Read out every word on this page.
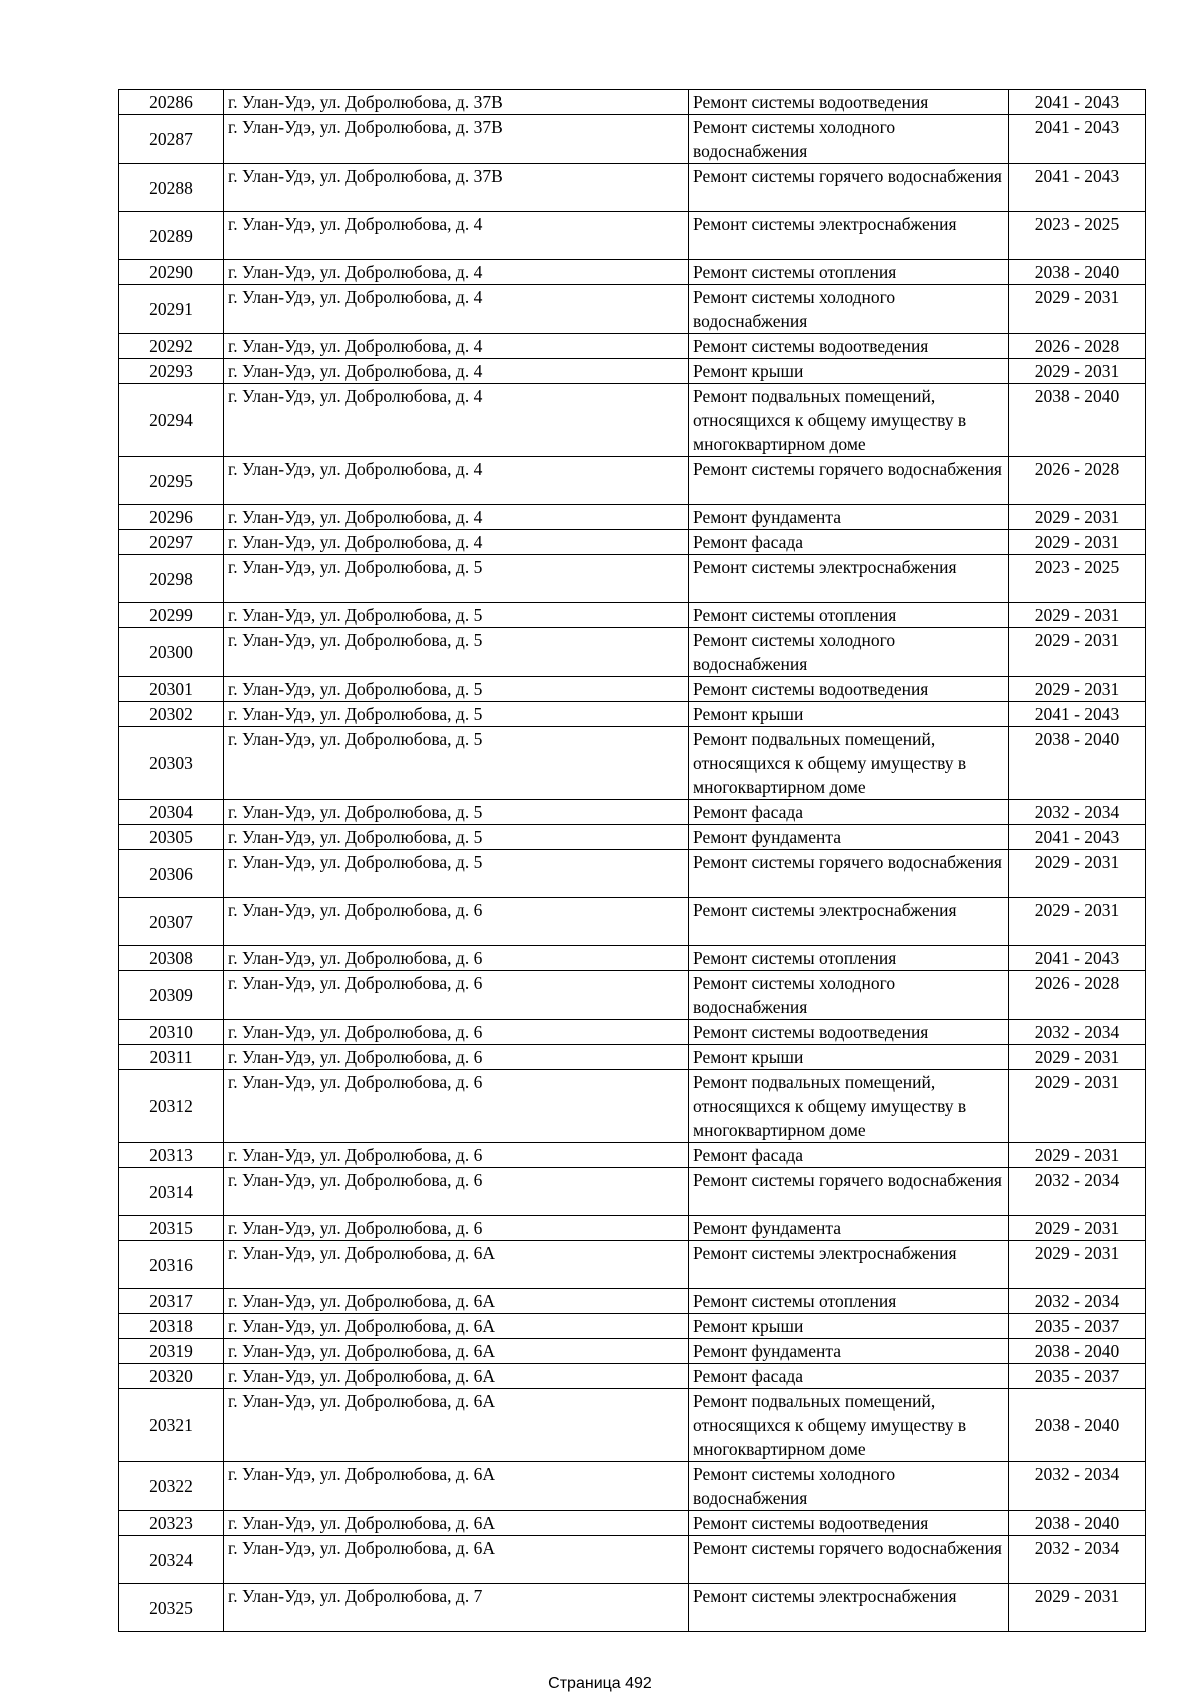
20286	г. Улан-Удэ, ул. Добролюбова, д. 37В	Ремонт системы водоотведения	2041 - 2043
20287	г. Улан-Удэ, ул. Добролюбова, д. 37В	Ремонт системы холодного водоснабжения	2041 - 2043
20288	г. Улан-Удэ, ул. Добролюбова, д. 37В	Ремонт системы горячего водоснабжения	2041 - 2043
20289	г. Улан-Удэ, ул. Добролюбова, д. 4	Ремонт системы электроснабжения	2023 - 2025
20290	г. Улан-Удэ, ул. Добролюбова, д. 4	Ремонт системы отопления	2038 - 2040
20291	г. Улан-Удэ, ул. Добролюбова, д. 4	Ремонт системы холодного водоснабжения	2029 - 2031
20292	г. Улан-Удэ, ул. Добролюбова, д. 4	Ремонт системы водоотведения	2026 - 2028
20293	г. Улан-Удэ, ул. Добролюбова, д. 4	Ремонт крыши	2029 - 2031
20294	г. Улан-Удэ, ул. Добролюбова, д. 4	Ремонт подвальных помещений, относящихся к общему имуществу в многоквартирном доме	2038 - 2040
20295	г. Улан-Удэ, ул. Добролюбова, д. 4	Ремонт системы горячего водоснабжения	2026 - 2028
20296	г. Улан-Удэ, ул. Добролюбова, д. 4	Ремонт фундамента	2029 - 2031
20297	г. Улан-Удэ, ул. Добролюбова, д. 4	Ремонт фасада	2029 - 2031
20298	г. Улан-Удэ, ул. Добролюбова, д. 5	Ремонт системы электроснабжения	2023 - 2025
20299	г. Улан-Удэ, ул. Добролюбова, д. 5	Ремонт системы отопления	2029 - 2031
20300	г. Улан-Удэ, ул. Добролюбова, д. 5	Ремонт системы холодного водоснабжения	2029 - 2031
20301	г. Улан-Удэ, ул. Добролюбова, д. 5	Ремонт системы водоотведения	2029 - 2031
20302	г. Улан-Удэ, ул. Добролюбова, д. 5	Ремонт крыши	2041 - 2043
20303	г. Улан-Удэ, ул. Добролюбова, д. 5	Ремонт подвальных помещений, относящихся к общему имуществу в многоквартирном доме	2038 - 2040
20304	г. Улан-Удэ, ул. Добролюбова, д. 5	Ремонт фасада	2032 - 2034
20305	г. Улан-Удэ, ул. Добролюбова, д. 5	Ремонт фундамента	2041 - 2043
20306	г. Улан-Удэ, ул. Добролюбова, д. 5	Ремонт системы горячего водоснабжения	2029 - 2031
20307	г. Улан-Удэ, ул. Добролюбова, д. 6	Ремонт системы электроснабжения	2029 - 2031
20308	г. Улан-Удэ, ул. Добролюбова, д. 6	Ремонт системы отопления	2041 - 2043
20309	г. Улан-Удэ, ул. Добролюбова, д. 6	Ремонт системы холодного водоснабжения	2026 - 2028
20310	г. Улан-Удэ, ул. Добролюбова, д. 6	Ремонт системы водоотведения	2032 - 2034
20311	г. Улан-Удэ, ул. Добролюбова, д. 6	Ремонт крыши	2029 - 2031
20312	г. Улан-Удэ, ул. Добролюбова, д. 6	Ремонт подвальных помещений, относящихся к общему имуществу в многоквартирном доме	2029 - 2031
20313	г. Улан-Удэ, ул. Добролюбова, д. 6	Ремонт фасада	2029 - 2031
20314	г. Улан-Удэ, ул. Добролюбова, д. 6	Ремонт системы горячего водоснабжения	2032 - 2034
20315	г. Улан-Удэ, ул. Добролюбова, д. 6	Ремонт фундамента	2029 - 2031
20316	г. Улан-Удэ, ул. Добролюбова, д. 6А	Ремонт системы электроснабжения	2029 - 2031
20317	г. Улан-Удэ, ул. Добролюбова, д. 6А	Ремонт системы отопления	2032 - 2034
20318	г. Улан-Удэ, ул. Добролюбова, д. 6А	Ремонт крыши	2035 - 2037
20319	г. Улан-Удэ, ул. Добролюбова, д. 6А	Ремонт фундамента	2038 - 2040
20320	г. Улан-Удэ, ул. Добролюбова, д. 6А	Ремонт фасада	2035 - 2037
20321	г. Улан-Удэ, ул. Добролюбова, д. 6А	Ремонт подвальных помещений, относящихся к общему имуществу в многоквартирном доме	2038 - 2040
20322	г. Улан-Удэ, ул. Добролюбова, д. 6А	Ремонт системы холодного водоснабжения	2032 - 2034
20323	г. Улан-Удэ, ул. Добролюбова, д. 6А	Ремонт системы водоотведения	2038 - 2040
20324	г. Улан-Удэ, ул. Добролюбова, д. 6А	Ремонт системы горячего водоснабжения	2032 - 2034
20325	г. Улан-Удэ, ул. Добролюбова, д. 7	Ремонт системы электроснабжения	2029 - 2031
Страница 492
